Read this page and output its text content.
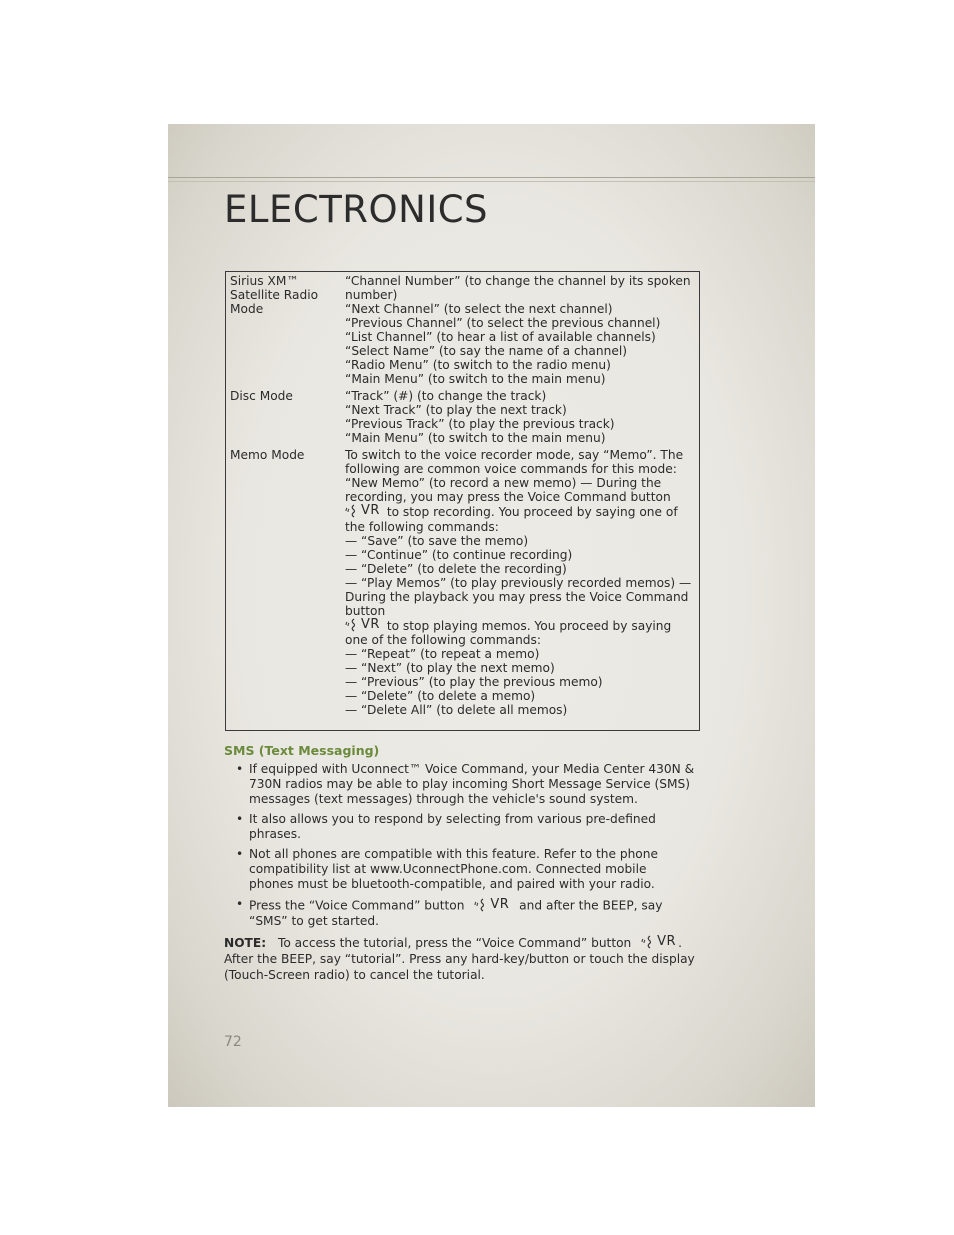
ELECTRONICS
Sirius XM™
Satellite Radio
Mode
“Channel Number” (to change the channel by its spoken
number)
“Next Channel” (to select the next channel)
“Previous Channel” (to select the previous channel)
“List Channel” (to hear a list of available channels)
“Select Name” (to say the name of a channel)
“Radio Menu” (to switch to the radio menu)
“Main Menu” (to switch to the main menu)
Disc Mode	“Track” (#) (to change the track)
“Next Track” (to play the next track)
“Previous Track” (to play the previous track)
“Main Menu” (to switch to the main menu)
Memo Mode	To switch to the voice recorder mode, say “Memo”. The
following are common voice commands for this mode:
“New Memo” (to record a new memo) — During the
recording, you may press the Voice Command button
VR to stop recording. You proceed by saying one of
the following commands:
— “Save” (to save the memo)
— “Continue” (to continue recording)
— “Delete” (to delete the recording)
— “Play Memos” (to play previously recorded memos) —
During the playback you may press the Voice Command
button
VR to stop playing memos. You proceed by saying
one of the following commands:
— “Repeat” (to repeat a memo)
— “Next” (to play the next memo)
— “Previous” (to play the previous memo)
— “Delete” (to delete a memo)
— “Delete All” (to delete all memos)
SMS (Text Messaging)
• If equipped with Uconnect™ Voice Command, your Media Center 430N &
730N radios may be able to play incoming Short Message Service (SMS)
messages (text messages) through the vehicle's sound system.
• It also allows you to respond by selecting from various pre-defined
phrases.
• Not all phones are compatible with this feature. Refer to the phone
compatibility list at www.UconnectPhone.com. Connected mobile
phones must be bluetooth-compatible, and paired with your radio.
• Press the “Voice Command” button VR and after the BEEP, say
“SMS” to get started.
NOTE: To access the tutorial, press the “Voice Command” button VR .
After the BEEP, say “tutorial”. Press any hard-key/button or touch the display
(Touch-Screen radio) to cancel the tutorial.
72
